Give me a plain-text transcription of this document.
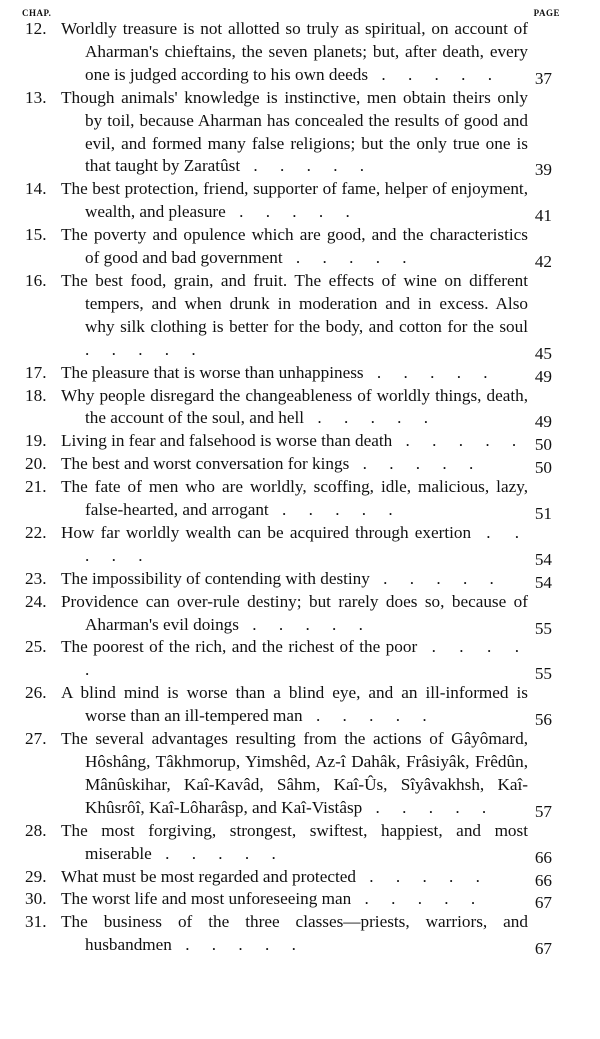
CHAP.	PAGE
12. Worldly treasure is not allotted so truly as spiritual, on account of Aharman's chieftains, the seven planets; but, after death, every one is judged according to his own deeds . . . . .	37
13. Though animals' knowledge is instinctive, men obtain theirs only by toil, because Aharman has concealed the results of good and evil, and formed many false religions; but the only true one is that taught by Zaratûst . . . . .	39
14. The best protection, friend, supporter of fame, helper of enjoyment, wealth, and pleasure . . . . .	41
15. The poverty and opulence which are good, and the characteristics of good and bad government . . . . .	42
16. The best food, grain, and fruit. The effects of wine on different tempers, and when drunk in moderation and in excess. Also why silk clothing is better for the body, and cotton for the soul . . . . .	45
17. The pleasure that is worse than unhappiness . . . . .	49
18. Why people disregard the changeableness of worldly things, death, the account of the soul, and hell . . . . .	49
19. Living in fear and falsehood is worse than death . . . . . 50
20. The best and worst conversation for kings . . . . .	50
21. The fate of men who are worldly, scoffing, idle, malicious, lazy, false-hearted, and arrogant . . . . .	51
22. How far worldly wealth can be acquired through exertion . . . . .	54
23. The impossibility of contending with destiny . . . . .	54
24. Providence can over-rule destiny; but rarely does so, because of Aharman's evil doings . . . . .	55
25. The poorest of the rich, and the richest of the poor . . . . .	55
26. A blind mind is worse than a blind eye, and an ill-informed is worse than an ill-tempered man . . . . .	56
27. The several advantages resulting from the actions of Gâyômard, Hôshâng, Tâkhmorup, Yimshêd, Az-î Dahâk, Frâsiyâk, Frêdûn, Mânûskihar, Kaî-Kavâd, Sâhm, Kaî-Ûs, Sîyâvakhsh, Kaî-Khûsrôî, Kaî-Lôharâsp, and Kaî-Vistâsp . . . . .	57
28. The most forgiving, strongest, swiftest, happiest, and most miserable . . . . .	66
29. What must be most regarded and protected . . . . .	66
30. The worst life and most unforeseeing man . . . . .	67
31. The business of the three classes—priests, warriors, and husbandmen . . . . .	67
